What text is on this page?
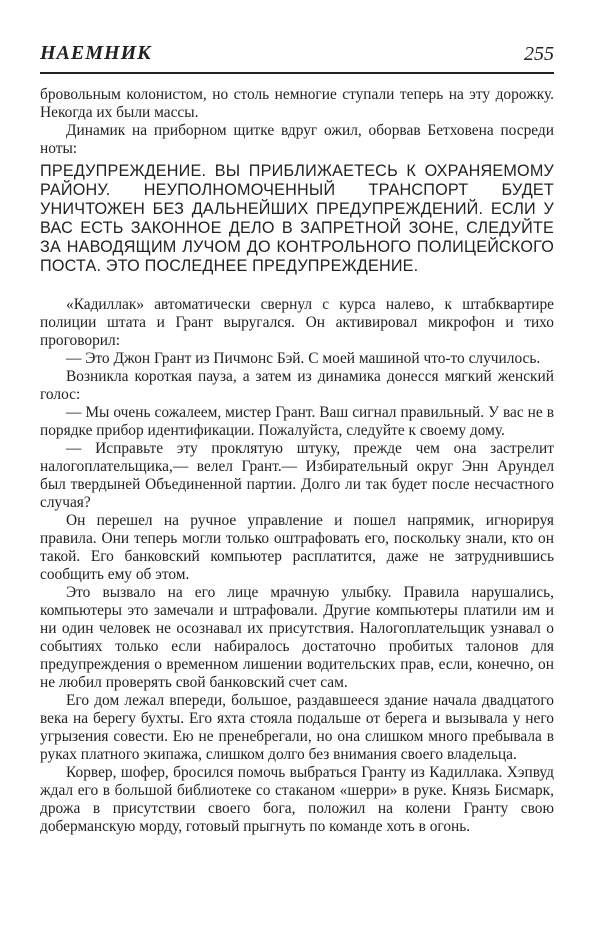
НАЕМНИК	255

бровольным колонистом, но столь немногие ступали теперь на эту дорожку. Некогда их были массы.

Динамик на приборном щитке вдруг ожил, оборвав Бетховена посреди ноты:

ПРЕДУПРЕЖДЕНИЕ. ВЫ ПРИБЛИЖАЕТЕСЬ К ОХРАНЯЕМОМУ РАЙОНУ. НЕУПОЛНОМОЧЕННЫЙ ТРАНСПОРТ БУДЕТ УНИЧТОЖЕН БЕЗ ДАЛЬНЕЙШИХ ПРЕДУПРЕЖДЕНИЙ. ЕСЛИ У ВАС ЕСТЬ ЗАКОННОЕ ДЕЛО В ЗАПРЕТНОЙ ЗОНЕ, СЛЕДУЙТЕ ЗА НАВОДЯЩИМ ЛУЧОМ ДО КОНТРОЛЬНОГО ПОЛИЦЕЙСКОГО ПОСТА. ЭТО ПОСЛЕДНЕЕ ПРЕДУПРЕЖДЕНИЕ.

«Кадиллак» автоматически свернул с курса налево, к штабквартире полиции штата и Грант выругался. Он активировал микрофон и тихо проговорил:

— Это Джон Грант из Пичмонс Бэй. С моей машиной что-то случилось.

Возникла короткая пауза, а затем из динамика донесся мягкий женский голос:

— Мы очень сожалеем, мистер Грант. Ваш сигнал правильный. У вас не в порядке прибор идентификации. Пожалуйста, следуйте к своему дому.

— Исправьте эту проклятую штуку, прежде чем она застрелит налогоплательщика,— велел Грант.— Избирательный округ Энн Арундел был твердыней Объединенной партии. Долго ли так будет после несчастного случая?

Он перешел на ручное управление и пошел напрямик, игнорируя правила. Они теперь могли только оштрафовать его, поскольку знали, кто он такой. Его банковский компьютер расплатится, даже не затруднившись сообщить ему об этом.

Это вызвало на его лице мрачную улыбку. Правила нарушались, компьютеры это замечали и штрафовали. Другие компьютеры платили им и ни один человек не осознавал их присутствия. Налогоплательщик узнавал о событиях только если набиралось достаточно пробитых талонов для предупреждения о временном лишении водительских прав, если, конечно, он не любил проверять свой банковский счет сам.

Его дом лежал впереди, большое, раздавшееся здание начала двадцатого века на берегу бухты. Его яхта стояла подальше от берега и вызывала у него угрызения совести. Ею не пренебрегали, но она слишком много пребывала в руках платного экипажа, слишком долго без внимания своего владельца.

Корвер, шофер, бросился помочь выбраться Гранту из Кадиллака. Хэпвуд ждал его в большой библиотеке со стаканом «шерри» в руке. Князь Бисмарк, дрожа в присутствии своего бога, положил на колени Гранту свою доберманскую морду, готовый прыгнуть по команде хоть в огонь.
